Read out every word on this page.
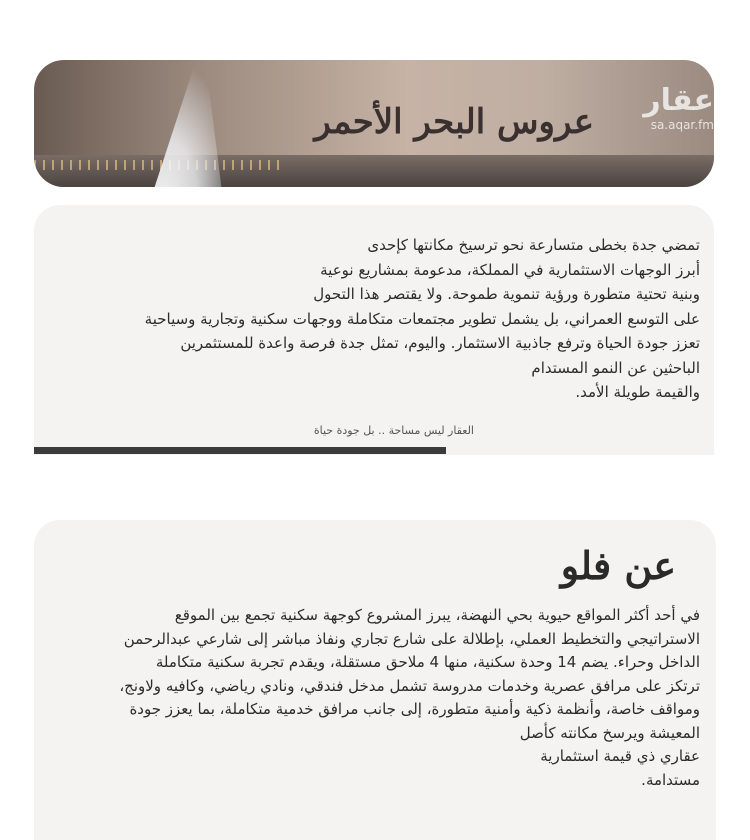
عروس البحر الأحمر
عقار
sa.aqar.fm

تمضي جدة بخطى متسارعة نحو ترسيخ مكانتها كإحدى

أبرز الوجهات الاستثمارية في المملكة، مدعومة بمشاريع نوعية

وبنية تحتية متطورة ورؤية تنموية طموحة. ولا يقتصر هذا التحول

على التوسع العمراني، بل يشمل تطوير مجتمعات متكاملة ووجهات سكنية وتجارية وسياحية

تعزز جودة الحياة وترفع جاذبية الاستثمار. واليوم، تمثل جدة فرصة واعدة للمستثمرين

الباحثين عن النمو المستدام

والقيمة طويلة الأمد.

العقار ليس مساحة .. بل جودة حياة
عن فلو

في أحد أكثر المواقع حيوية بحي النهضة، يبرز المشروع كوجهة سكنية تجمع بين الموقع

الاستراتيجي والتخطيط العملي، بإطلالة على شارع تجاري ونفاذ مباشر إلى شارعي عبدالرحمن

الداخل وحراء. يضم 14 وحدة سكنية، منها 4 ملاحق مستقلة، ويقدم تجربة سكنية متكاملة

ترتكز على مرافق عصرية وخدمات مدروسة تشمل مدخل فندقي، ونادي رياضي، وكافيه ولاونج،

ومواقف خاصة، وأنظمة ذكية وأمنية متطورة، إلى جانب مرافق خدمية متكاملة، بما يعزز جودة

المعيشة ويرسخ مكانته كأصل

عقاري ذي قيمة استثمارية

مستدامة.
